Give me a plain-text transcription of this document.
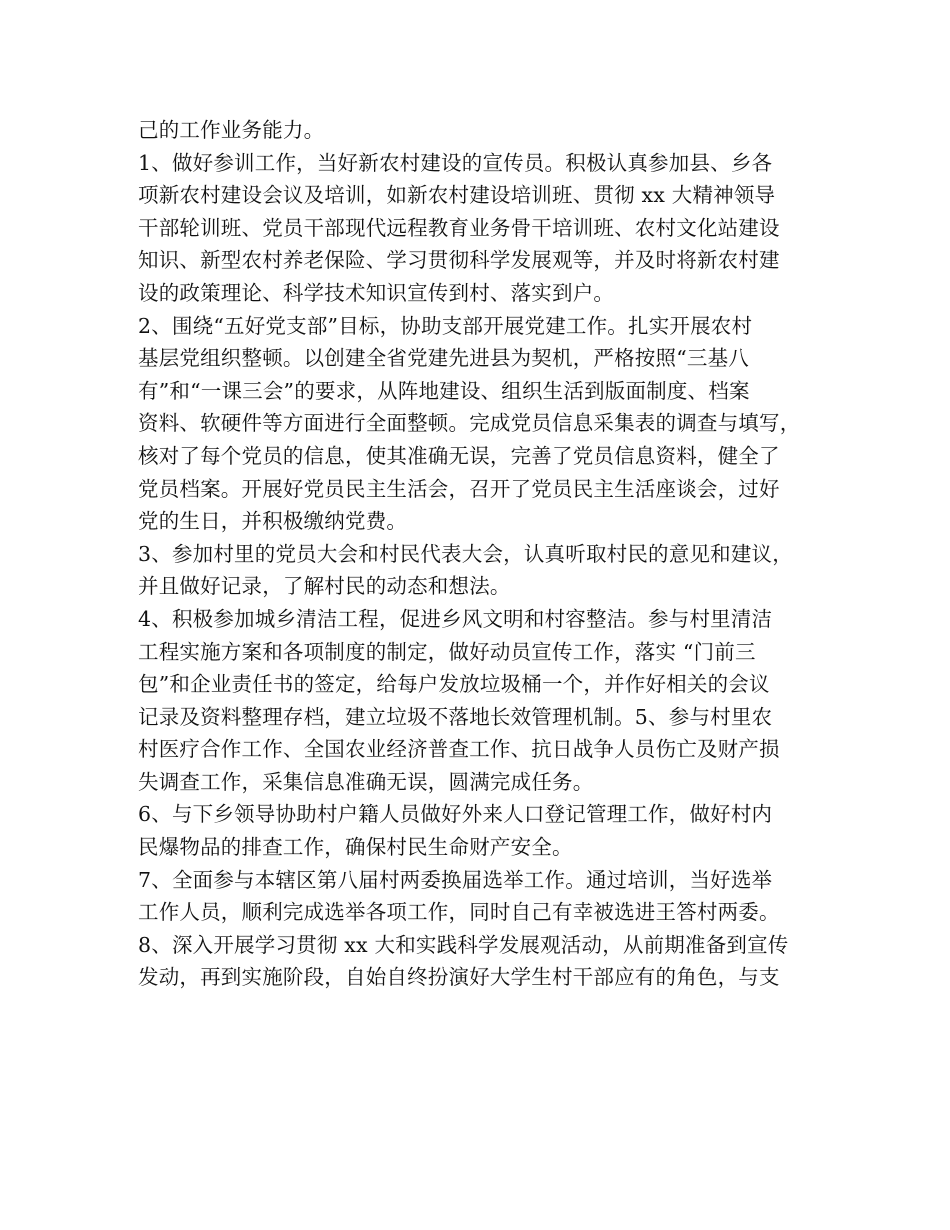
己的工作业务能力。
1、做好参训工作，当好新农村建设的宣传员。积极认真参加县、乡各
项新农村建设会议及培训，如新农村建设培训班、贯彻 xx 大精神领导
干部轮训班、党员干部现代远程教育业务骨干培训班、农村文化站建设
知识、新型农村养老保险、学习贯彻科学发展观等，并及时将新农村建
设的政策理论、科学技术知识宣传到村、落实到户。
2、围绕“五好党支部”目标，协助支部开展党建工作。扎实开展农村
基层党组织整顿。以创建全省党建先进县为契机，严格按照“三基八
有”和“一课三会”的要求，从阵地建设、组织生活到版面制度、档案
资料、软硬件等方面进行全面整顿。完成党员信息采集表的调查与填写，
核对了每个党员的信息，使其准确无误，完善了党员信息资料，健全了
党员档案。开展好党员民主生活会，召开了党员民主生活座谈会，过好
党的生日，并积极缴纳党费。
3、参加村里的党员大会和村民代表大会，认真听取村民的意见和建议，
并且做好记录，了解村民的动态和想法。
4、积极参加城乡清洁工程，促进乡风文明和村容整洁。参与村里清洁
工程实施方案和各项制度的制定，做好动员宣传工作，落实 “门前三
包”和企业责任书的签定，给每户发放垃圾桶一个，并作好相关的会议
记录及资料整理存档，建立垃圾不落地长效管理机制。5、参与村里农
村医疗合作工作、全国农业经济普查工作、抗日战争人员伤亡及财产损
失调查工作，采集信息准确无误，圆满完成任务。
6、与下乡领导协助村户籍人员做好外来人口登记管理工作，做好村内
民爆物品的排查工作，确保村民生命财产安全。
7、全面参与本辖区第八届村两委换届选举工作。通过培训，当好选举
工作人员，顺利完成选举各项工作，同时自己有幸被选进王答村两委。
8、深入开展学习贯彻 xx 大和实践科学发展观活动，从前期准备到宣传
发动，再到实施阶段，自始自终扮演好大学生村干部应有的角色，与支
